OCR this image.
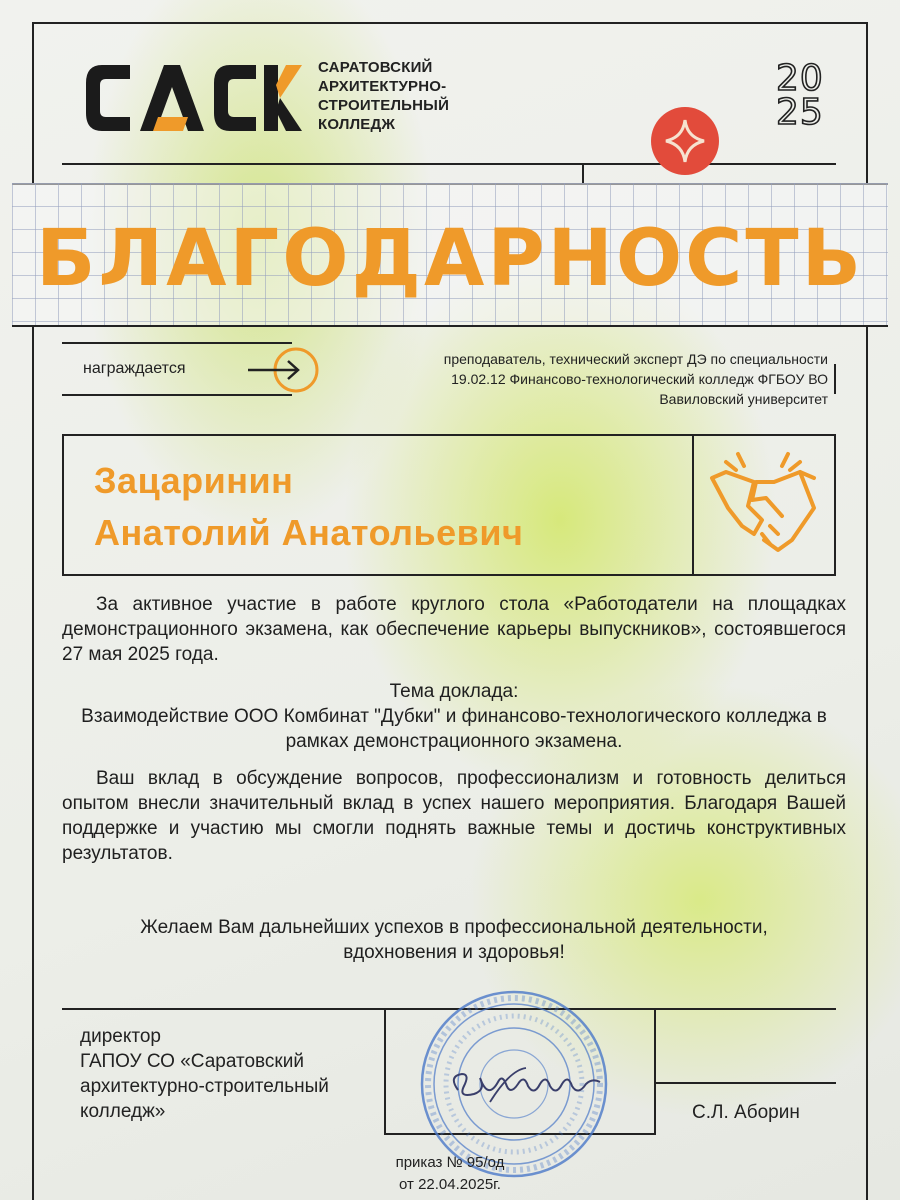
САРАТОВСКИЙ
АРХИТЕКТУРНО-
СТРОИТЕЛЬНЫЙ
КОЛЛЕДЖ
20
25
БЛАГОДАРНОСТЬ
награждается
преподаватель, технический эксперт ДЭ по специальности
19.02.12 Финансово-технологический колледж ФГБОУ ВО
Вавиловский университет
Зацаринин
Анатолий Анатольевич
За активное участие в работе круглого стола «Работодатели на площадках демонстрационного экзамена, как обеспечение карьеры выпускников», состоявшегося 27 мая 2025 года.
Тема доклада:
Взаимодействие ООО Комбинат "Дубки" и финансово-технологического колледжа в рамках демонстрационного экзамена.
Ваш вклад в обсуждение вопросов, профессионализм и готовность делиться опытом внесли значительный вклад в успех нашего мероприятия. Благодаря Вашей поддержке и участию мы смогли поднять важные темы и достичь конструктивных результатов.
Желаем Вам дальнейших успехов в профессиональной деятельности, вдохновения и здоровья!
директор
ГАПОУ СО «Саратовский
архитектурно-строительный
колледж»	С.Л. Аборин
приказ № 95/од
от 22.04.2025г.
